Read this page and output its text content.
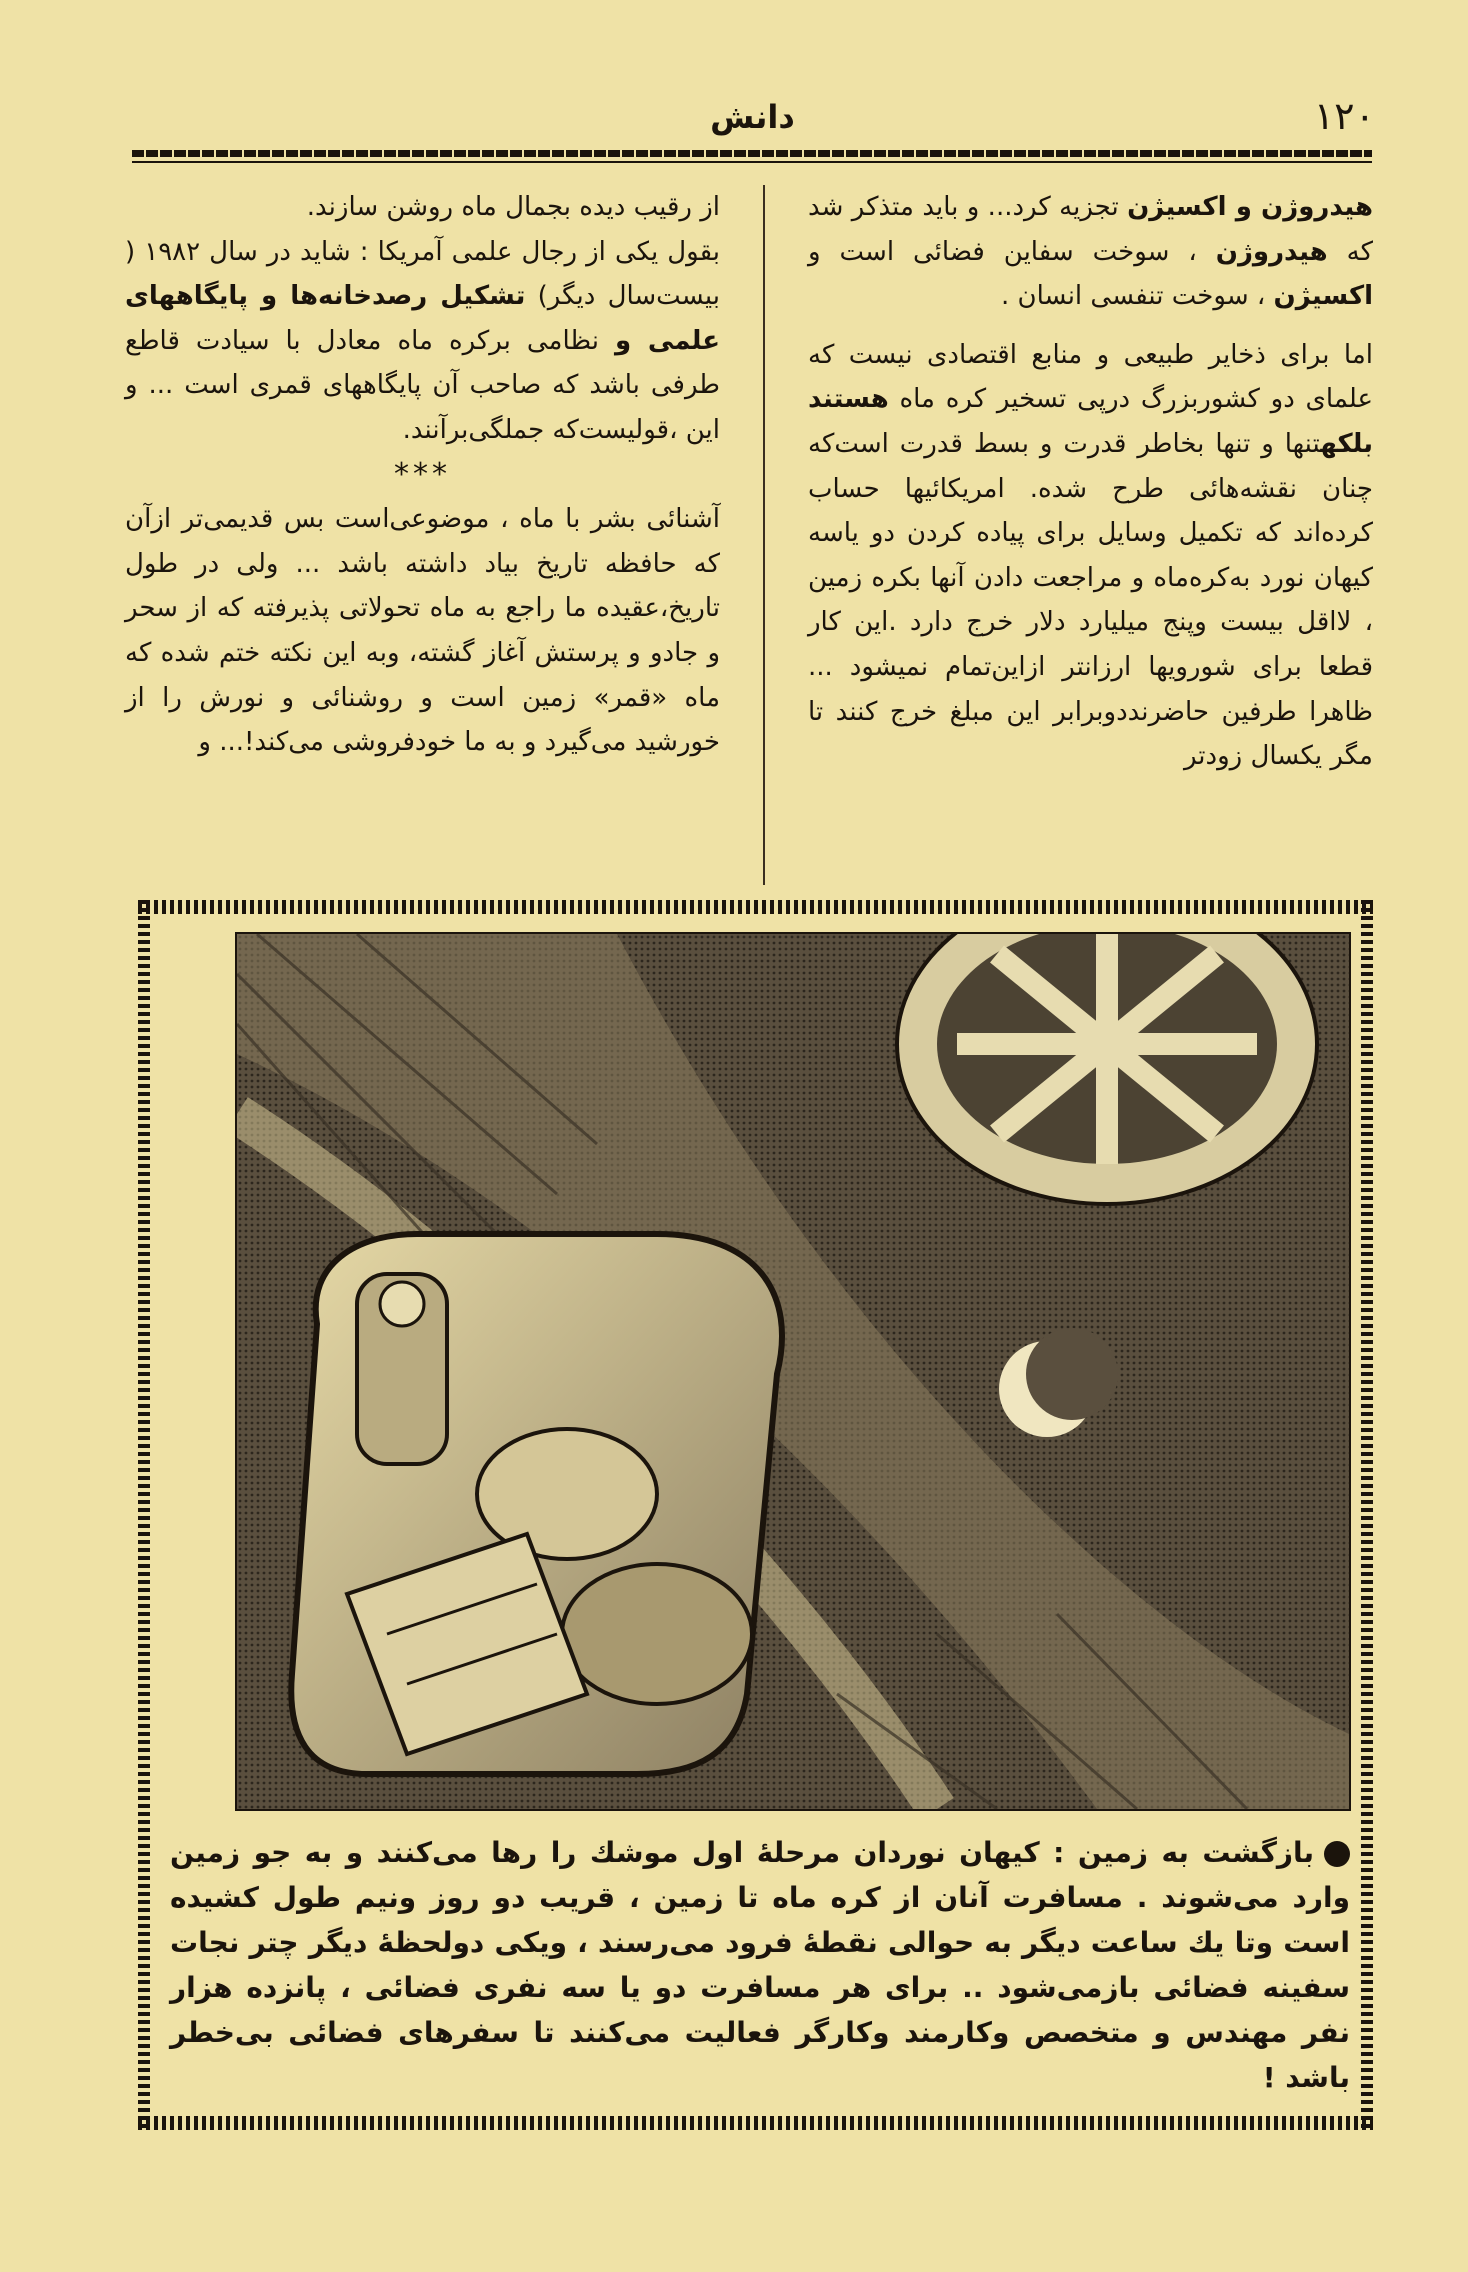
۱۲۰
دانش

هیدروژن و اکسیژن تجزیه کرد... و باید متذکر شد که هیدروژن ، سوخت سفاین فضائی است و اکسیژن ، سوخت تنفسی انسان .

اما برای ذخایر طبیعی و منابع اقتصادی نیست که علمای دو کشوربزرگ درپی تسخیر کره ماه هستند بلکهتنها و تنها بخاطر قدرت و بسط قدرت است‌که چنان نقشه‌هائی طرح شده. امریکائیها حساب کرده‌اند که تکمیل وسایل برای پیاده کردن دو یاسه کیهان نورد به‌کره‌ماه و مراجعت دادن آنها بکره زمین ، لااقل بیست وپنج میلیارد دلار خرج دارد .این کار قطعا برای شورویها ارزانتر ازاین‌تمام نمیشود ... ظاهرا طرفین حاضرنددوبرابر این مبلغ خرج کنند تا مگر یکسال زودتر

از رقیب دیده بجمال ماه روشن سازند.

بقول یکی از رجال علمی آمریکا : شاید در سال ۱۹۸۲ ( بیست‌سال دیگر) تشکیل رصدخانه‌ها و پایگاههای علمی و نظامی برکره ماه معادل با سیادت قاطع طرفی باشد که صاحب آن پایگاههای قمری است ... و این ،قولیست‌که جملگی‌برآنند.

***

آشنائی بشر با ماه ، موضوعی‌است بس قدیمی‌تر ازآن که حافظه تاریخ بیاد داشته باشد ... ولی در طول تاریخ،عقیده ما راجع به ماه تحولاتی پذیرفته که از سحر و جادو و پرستش آغاز گشته، وبه این نکته ختم شده که ماه «قمر» زمین است و روشنائی و نورش را از خورشید می‌گیرد و به ما خودفروشی می‌کند!... و

بازگشت به زمین : کیهان نوردان مرحلهٔ اول موشك را رها می‌کنند و به جو زمین وارد می‌شوند . مسافرت آنان از کره ماه تا زمین ، قریب دو روز ونیم طول کشیده است وتا یك ساعت دیگر به حوالی نقطهٔ فرود می‌رسند ، ویکی دولحظهٔ دیگر چتر نجات سفینه فضائی بازمی‌شود .. برای هر مسافرت دو یا سه نفری فضائی ، پانزده هزار نفر مهندس و متخصص وکارمند وکارگر فعالیت می‌کنند تا سفرهای فضائی بی‌خطر باشد !
